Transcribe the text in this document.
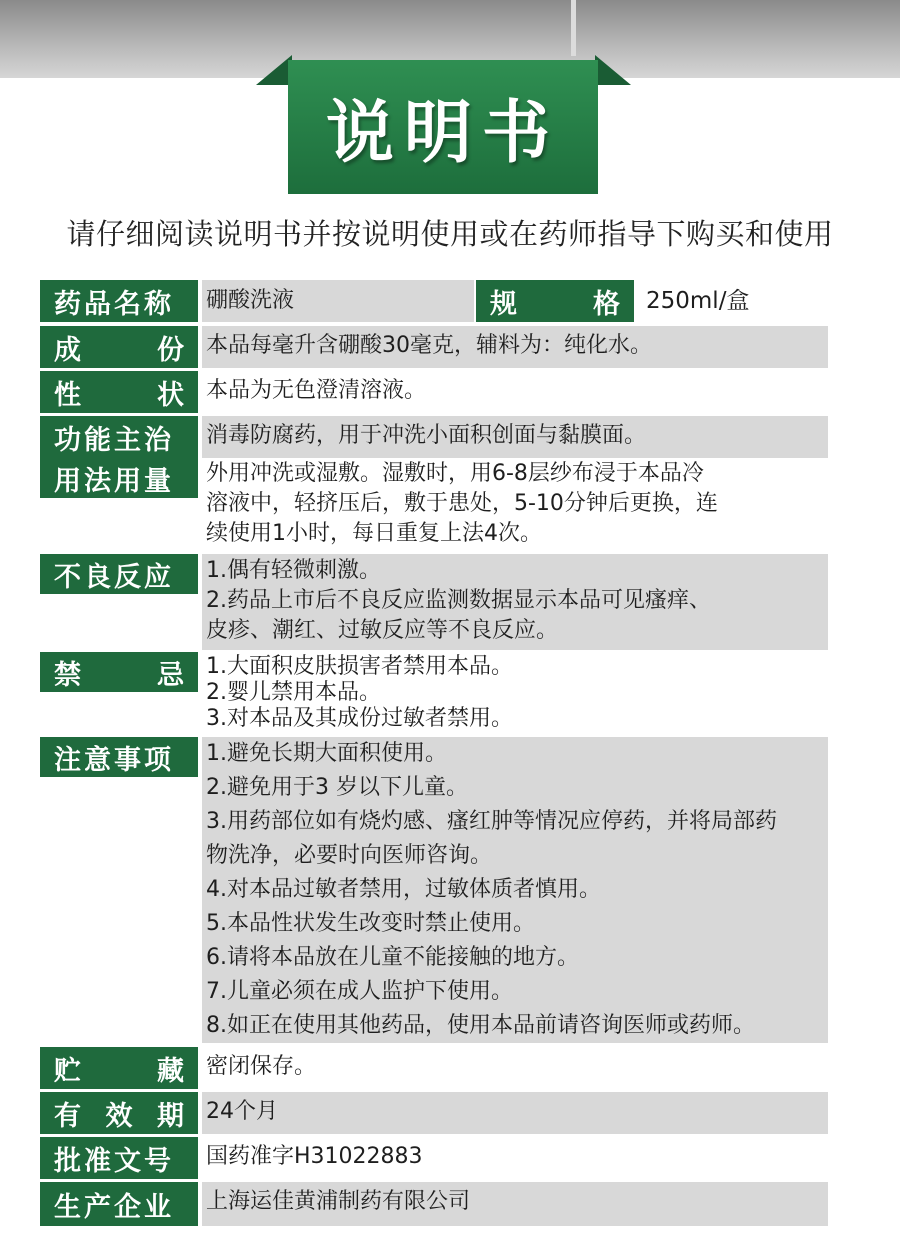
说明书
请仔细阅读说明书并按说明使用或在药师指导下购买和使用
药品名称 硼酸洗液	规	格	250ml/盒
成	份 本品每毫升含硼酸30毫克，辅料为：纯化水。

性	状 本品为无色澄清溶液。

功能主治 消毒防腐药，用于冲洗小面积创面与黏膜面。

用法用量 外用冲洗或湿敷。湿敷时，用6-8层纱布浸于本品冷

溶液中，轻挤压后，敷于患处，5-10分钟后更换，连

续使用1小时，每日重复上法4次。

不良反应 1.偶有轻微刺激。

2.药品上市后不良反应监测数据显示本品可见瘙痒、

皮疹、潮红、过敏反应等不良反应。

禁	忌 1.大面积皮肤损害者禁用本品。

2.婴儿禁用本品。

3.对本品及其成份过敏者禁用。

注意事项 1.避免长期大面积使用。

2.避免用于3 岁以下儿童。

3.用药部位如有烧灼感、瘙红肿等情况应停药，并将局部药

物洗净，必要时向医师咨询。

4.对本品过敏者禁用，过敏体质者慎用。

5.本品性状发生改变时禁止使用。

6.请将本品放在儿童不能接触的地方。

7.儿童必须在成人监护下使用。

8.如正在使用其他药品，使用本品前请咨询医师或药师。

贮	藏 密闭保存。

有 效 期 24个月

批准文号 国药准字H31022883

生产企业 上海运佳黄浦制药有限公司
